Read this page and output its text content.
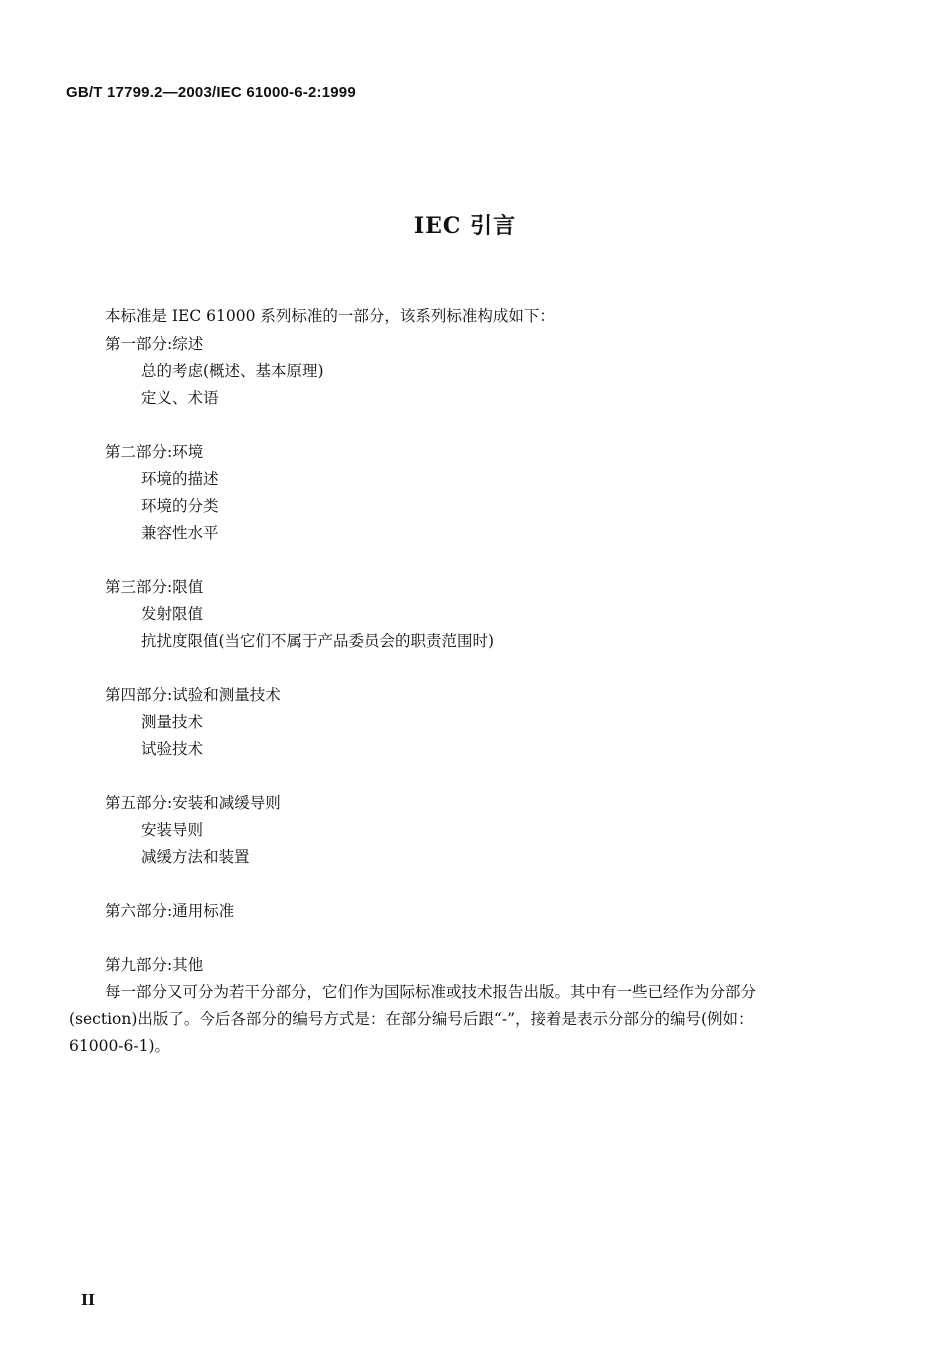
GB/T 17799.2—2003/IEC 61000-6-2:1999
IEC 引言
本标准是 IEC 61000 系列标准的一部分，该系列标准构成如下：
第一部分:综述
总的考虑(概述、基本原理)
定义、术语
第二部分:环境
环境的描述
环境的分类
兼容性水平
第三部分:限值
发射限值
抗扰度限值(当它们不属于产品委员会的职责范围时)
第四部分:试验和测量技术
测量技术
试验技术
第五部分:安装和减缓导则
安装导则
减缓方法和装置
第六部分:通用标准
第九部分:其他
每一部分又可分为若干分部分，它们作为国际标准或技术报告出版。其中有一些已经作为分部分
(section)出版了。今后各部分的编号方式是：在部分编号后跟“-”，接着是表示分部分的编号(例如：
61000-6-1)。
II
